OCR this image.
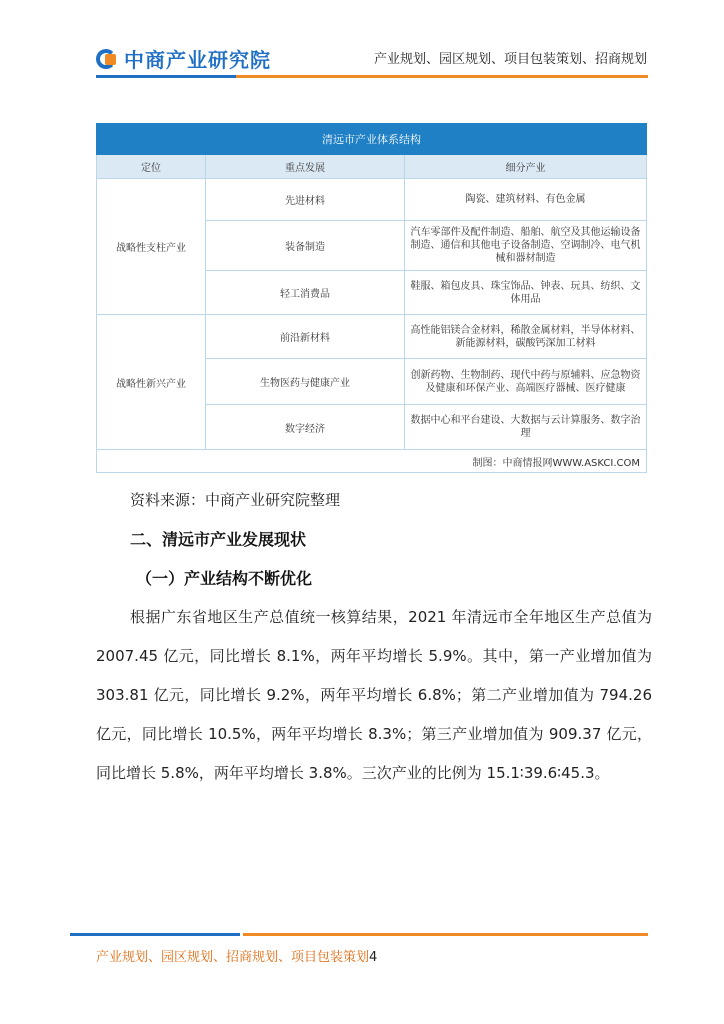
中商产业研究院	产业规划、园区规划、项目包装策划、招商规划
清远市产业体系结构		
定位	重点发展	细分产业
战略性支柱产业	先进材料	陶瓷、建筑材料、有色金属
	装备制造	汽车零部件及配件制造、船舶、航空及其他运输设备制造、通信和其他电子设备制造、空调制冷、电气机械和器材制造
	轻工消费品	鞋服、箱包皮具、珠宝饰品、钟表、玩具、纺织、文体用品
战略性新兴产业	前沿新材料	高性能铝镁合金材料，稀散金属材料，半导体材料、新能源材料，碳酸钙深加工材料
	生物医药与健康产业	创新药物、生物制药、现代中药与原辅料、应急物资及健康和环保产业、高端医疗器械、医疗健康
	数字经济	数据中心和平台建设、大数据与云计算服务、数字治理
制图：中商情报网WWW.ASKCI.COM		
资料来源：中商产业研究院整理
二、清远市产业发展现状
（一）产业结构不断优化
根据广东省地区生产总值统一核算结果，2021 年清远市全年地区生产总值为 2007.45 亿元，同比增长 8.1%，两年平均增长 5.9%。其中，第一产业增加值为 303.81 亿元，同比增长 9.2%，两年平均增长 6.8%；第二产业增加值为 794.26 亿元，同比增长 10.5%，两年平均增长 8.3%；第三产业增加值为 909.37 亿元，同比增长 5.8%，两年平均增长 3.8%。三次产业的比例为 15.1∶39.6∶45.3。
产业规划、园区规划、招商规划、项目包装策划4
